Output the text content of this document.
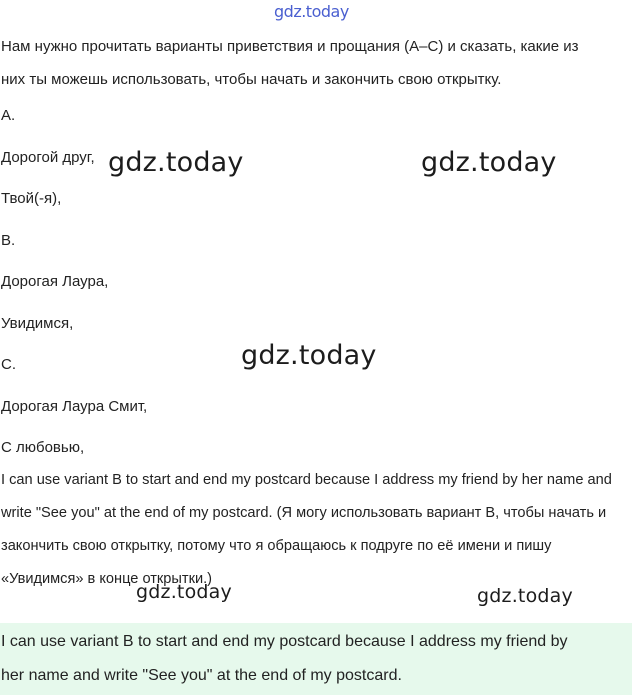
gdz.today

Нам нужно прочитать варианты приветствия и прощания (A–C) и сказать, какие из них ты можешь использовать, чтобы начать и закончить свою открытку.

A.
Дорогой друг,
Твой(-я),
B.
Дорогая Лаура,
Увидимся,
C.
Дорогая Лаура Смит,
С любовью,

I can use variant B to start and end my postcard because I address my friend by her name and write "See you" at the end of my postcard. (Я могу использовать вариант B, чтобы начать и закончить свою открытку, потому что я обращаюсь к подруге по её имени и пишу «Увидимся» в конце открытки.)

I can use variant B to start and end my postcard because I address my friend by her name and write "See you" at the end of my postcard.

gdz.today	gdz.today
gdz.today
gdz.today	gdz.today
